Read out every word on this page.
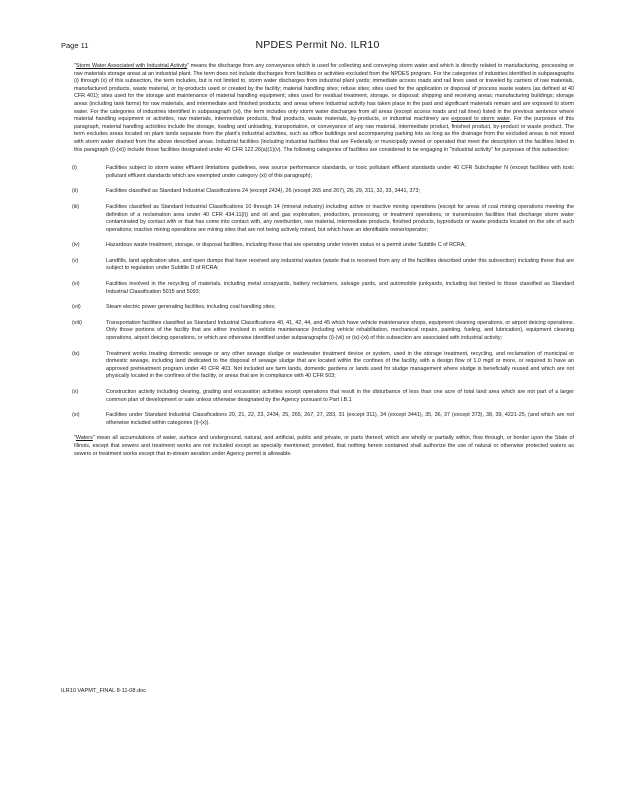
Page 11	NPDES Permit No. ILR10

"Storm Water Associated with Industrial Activity" means the discharge from any conveyance which is used for collecting and conveying storm water and which is directly related to manufacturing, processing or raw materials storage areas at an industrial plant. The term does not include discharges from facilities or activities excluded from the NPDES program. For the categories of industries identified in subparagraphs (i) through (x) of this subsection, the term includes, but is not limited to, storm water discharges from industrial plant yards; immediate access roads and rail lines used or traveled by carriers of raw materials, manufactured products, waste material, or by-products used or created by the facility; material handling sites; refuse sites; sites used for the application or disposal of process waste waters (as defined at 40 CFR 401); sites used for the storage and maintenance of material handling equipment; sites used for residual treatment, storage, or disposal; shipping and receiving areas; manufacturing buildings; storage areas (including tank farms) for raw materials, and intermediate and finished products; and areas where industrial activity has taken place in the past and significant materials remain and are exposed to storm water. For the categories of industries identified in subparagraph (xi), the term includes only storm water discharges from all areas (except access roads and rail lines) listed in the previous sentence where material handling equipment or activities, raw materials, intermediate products, final products, waste materials, by-products, or industrial machinery are exposed to storm water. For the purposes of this paragraph, material handling activities include the storage, loading and unloading, transportation, or conveyance of any raw material, intermediate product, finished product, by-product or waste product. The term excludes areas located on plant lands separate from the plant's industrial activities, such as office buildings and accompanying parking lots as long as the drainage from the excluded areas is not mixed with storm water drained from the above described areas. Industrial facilities (including industrial facilities that are Federally or municipally owned or operated that meet the description of the facilities listed in this paragraph (i)-(xi)) include those facilities designated under 40 CFR 122.26(a)(1)(v). The following categories of facilities are considered to be engaging in "industrial activity" for purposes of this subsection:

(i)	Facilities subject to storm water effluent limitations guidelines, new source performance standards, or toxic pollutant effluent standards under 40 CFR Subchapter N (except facilities with toxic pollutant effluent standards which are exempted under category (xi) of this paragraph);
(ii)	Facilities classified as Standard Industrial Classifications 24 (except 2434), 26 (except 265 and 267), 28, 29, 311, 32, 33, 3441, 373;
(iii)	Facilities classified as Standard Industrial Classifications 10 through 14 (mineral industry) including active or inactive mining operations (except for areas of coal mining operations meeting the definition of a reclamation area under 40 CFR 434.11(l)) and oil and gas exploration, production, processing, or treatment operations, or transmission facilities that discharge storm water contaminated by contact with or that has come into contact with, any overburden, raw material, intermediate products, finished products, byproducts or waste products located on the site of such operations; inactive mining operations are mining sites that are not being actively mined, but which have an identifiable owner/operator;
(iv)	Hazardous waste treatment, storage, or disposal facilities, including those that are operating under interim status or a permit under Subtitle C of RCRA;
(v)	Landfills, land application sites, and open dumps that have received any industrial wastes (waste that is received from any of the facilities described under this subsection) including those that are subject to regulation under Subtitle D of RCRA;
(vi)	Facilities involved in the recycling of materials, including metal scrapyards, battery reclaimers, salvage yards, and automobile junkyards, including but limited to those classified as Standard Industrial Classification 5015 and 5093;
(vii)	Steam electric power generating facilities, including coal handling sites;
(viii)	Transportation facilities classified as Standard Industrial Classifications 40, 41, 42, 44, and 45 which have vehicle maintenance shops, equipment cleaning operations, or airport deicing operations. Only those portions of the facility that are either involved in vehicle maintenance (including vehicle rehabilitation, mechanical repairs, painting, fueling, and lubrication), equipment cleaning operations, airport deicing operations, or which are otherwise identified under subparagraphs (i)-(vii) or (ix)-(xi) of this subsection are associated with industrial activity;
(ix)	Treatment works treating domestic sewage or any other sewage sludge or wastewater treatment device or system, used in the storage treatment, recycling, and reclamation of municipal or domestic sewage, including land dedicated to the disposal of sewage sludge that are located within the confines of the facility, with a design flow of 1.0 mgd or more, or required to have an approved pretreatment program under 40 CFR 403. Not included are farm lands, domestic gardens or lands used for sludge management where sludge is beneficially reused and which are not physically located in the confines of the facility, or areas that are in compliance with 40 CFR 503;
(x)	Construction activity including clearing, grading and excavation activities except operations that result in the disturbance of less than one acre of total land area which are not part of a larger common plan of development or sale unless otherwise designated by the Agency pursuant to Part I.B.1
(xi)	Facilities under Standard Industrial Classifications 20, 21, 22, 23, 2434, 25, 265, 267, 27, 283, 31 (except 311), 34 (except 3441), 35, 36, 37 (except 373), 38, 39, 4221-25, (and which are not otherwise included within categories (i)-(x)).

"Waters" mean all accumulations of water, surface and underground, natural, and artificial, public and private, or parts thereof, which are wholly or partially within, flow through, or border upon the State of Illinois, except that sewers and treatment works are not included except as specially mentioned; provided, that nothing herein contained shall authorize the use of natural or otherwise protected waters as sewers or treatment works except that in-stream aeration under Agency permit is allowable.

ILR10 VAPMT_FINAL 8-11-08.doc
